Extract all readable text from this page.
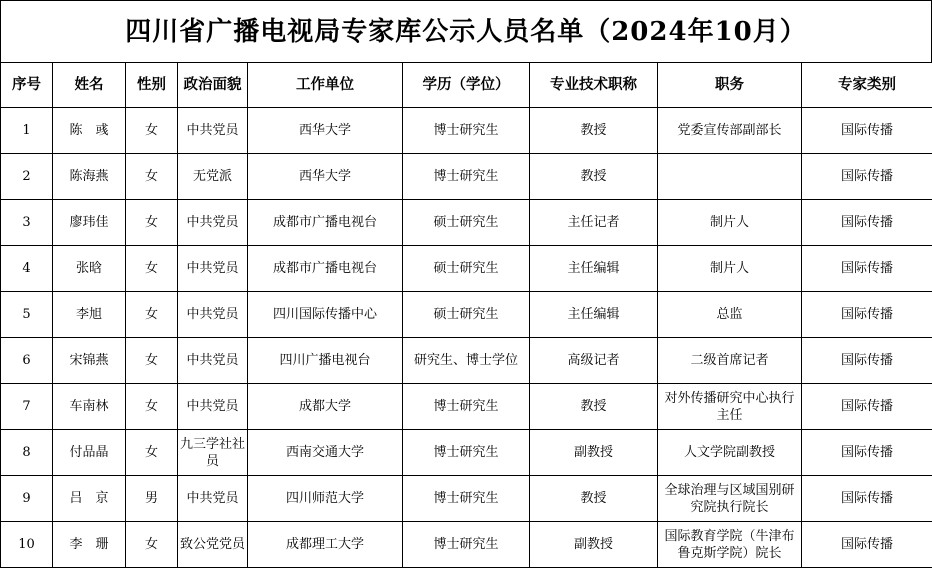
四川省广播电视局专家库公示人员名单（2024年10月）
序号	姓名	性别	政治面貌	工作单位	学历（学位）	专业技术职称	职务	专家类别
1	陈　彧	女	中共党员	西华大学	博士研究生	教授	党委宣传部副部长	国际传播
2	陈海燕	女	无党派	西华大学	博士研究生	教授		国际传播
3	廖玮佳	女	中共党员	成都市广播电视台	硕士研究生	主任记者	制片人	国际传播
4	张晗	女	中共党员	成都市广播电视台	硕士研究生	主任编辑	制片人	国际传播
5	李旭	女	中共党员	四川国际传播中心	硕士研究生	主任编辑	总监	国际传播
6	宋锦燕	女	中共党员	四川广播电视台	研究生、博士学位	高级记者	二级首席记者	国际传播
7	车南林	女	中共党员	成都大学	博士研究生	教授	对外传播研究中心执行主任	国际传播
8	付品晶	女	九三学社社员	西南交通大学	博士研究生	副教授	人文学院副教授	国际传播
9	吕　京	男	中共党员	四川师范大学	博士研究生	教授	全球治理与区域国别研究院执行院长	国际传播
10	李　珊	女	致公党党员	成都理工大学	博士研究生	副教授	国际教育学院（牛津布鲁克斯学院）院长	国际传播
